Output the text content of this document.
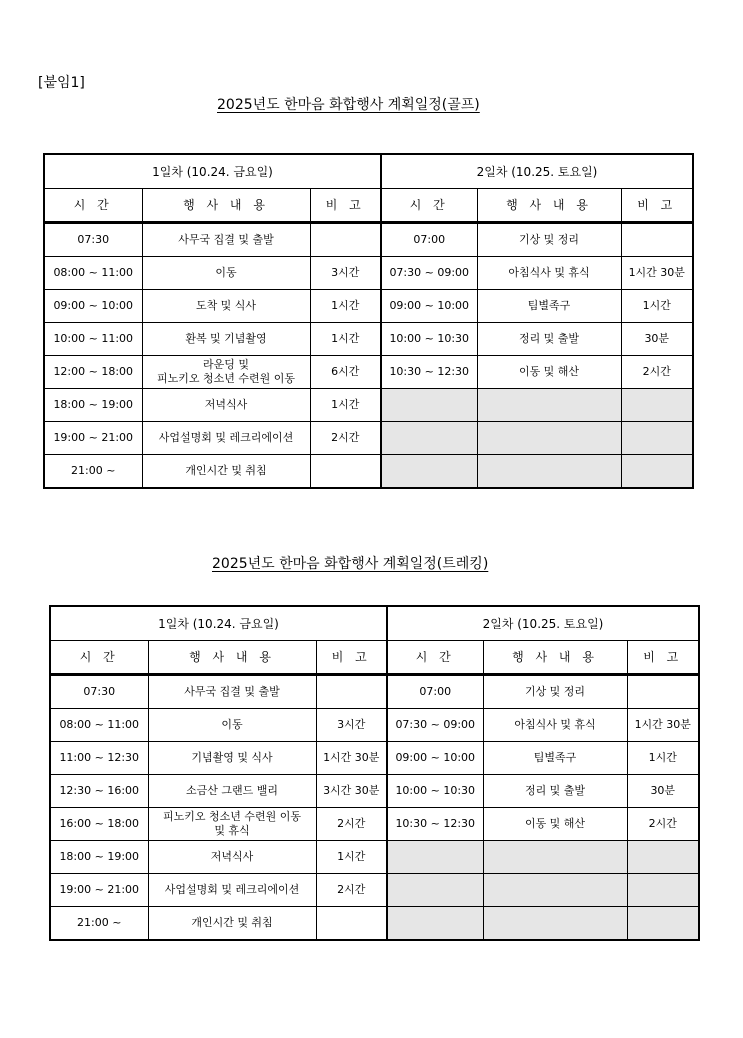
[붙임1]
2025년도 한마음 화합행사 계획일정(골프)
1일차 (10.24. 금요일)			2일차 (10.25. 토요일)		
시 간	행 사 내 용	비 고	시 간	행 사 내 용	비 고
07:30	사무국 집결 및 출발		07:00	기상 및 정리	
08:00 ~ 11:00	이동	3시간	07:30 ~ 09:00	아침식사 및 휴식	1시간 30분
09:00 ~ 10:00	도착 및 식사	1시간	09:00 ~ 10:00	팀별족구	1시간
10:00 ~ 11:00	환복 및 기념촬영	1시간	10:00 ~ 10:30	정리 및 출발	30분
12:00 ~ 18:00	라운딩 및
피노키오 청소년 수련원 이동	6시간	10:30 ~ 12:30	이동 및 해산	2시간
18:00 ~ 19:00	저녁식사	1시간			
19:00 ~ 21:00	사업설명회 및 레크리에이션	2시간			
21:00 ~	개인시간 및 취침				
2025년도 한마음 화합행사 계획일정(트레킹)
1일차 (10.24. 금요일)			2일차 (10.25. 토요일)		
시 간	행 사 내 용	비 고	시 간	행 사 내 용	비 고
07:30	사무국 집결 및 출발		07:00	기상 및 정리	
08:00 ~ 11:00	이동	3시간	07:30 ~ 09:00	아침식사 및 휴식	1시간 30분
11:00 ~ 12:30	기념촬영 및 식사	1시간 30분	09:00 ~ 10:00	팀별족구	1시간
12:30 ~ 16:00	소금산 그랜드 밸리	3시간 30분	10:00 ~ 10:30	정리 및 출발	30분
16:00 ~ 18:00	피노키오 청소년 수련원 이동
및 휴식	2시간	10:30 ~ 12:30	이동 및 해산	2시간
18:00 ~ 19:00	저녁식사	1시간			
19:00 ~ 21:00	사업설명회 및 레크리에이션	2시간			
21:00 ~	개인시간 및 취침				
